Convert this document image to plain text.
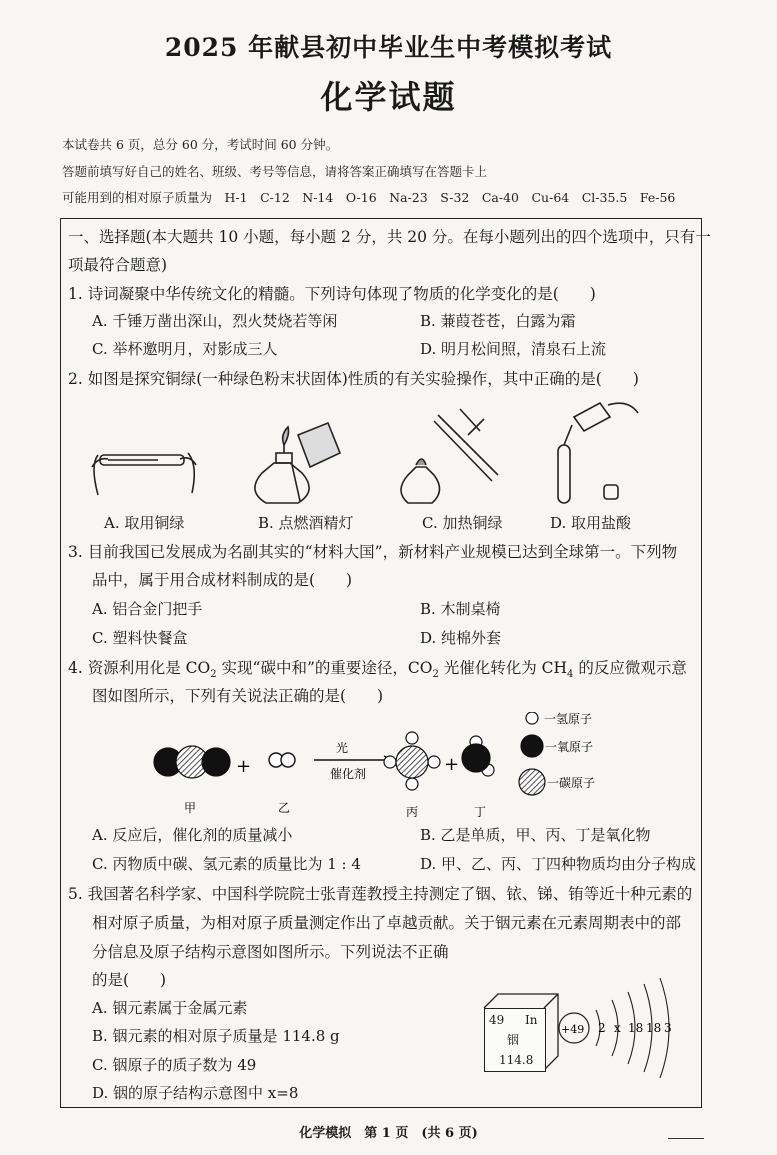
2025 年献县初中毕业生中考模拟考试
化学试题
本试卷共 6 页，总分 60 分，考试时间 60 分钟。
答题前填写好自己的姓名、班级、考号等信息，请将答案正确填写在答题卡上
可能用到的相对原子质量为　H-1　C-12　N-14　O-16　Na-23　S-32　Ca-40　Cu-64　Cl-35.5　Fe-56
一、选择题(本大题共 10 小题，每小题 2 分，共 20 分。在每小题列出的四个选项中，只有一
项最符合题意)
1. 诗词凝聚中华传统文化的精髓。下列诗句体现了物质的化学变化的是(　　)
A. 千锤万凿出深山，烈火焚烧若等闲	B. 蒹葭苍苍，白露为霜
C. 举杯邀明月，对影成三人	D. 明月松间照，清泉石上流
2. 如图是探究铜绿(一种绿色粉末状固体)性质的有关实验操作，其中正确的是(　　)
A. 取用铜绿	B. 点燃酒精灯	C. 加热铜绿	D. 取用盐酸
3. 目前我国已发展成为名副其实的“材料大国”，新材料产业规模已达到全球第一。下列物
品中，属于用合成材料制成的是(　　)
A. 铝合金门把手	B. 木制桌椅
C. 塑料快餐盒	D. 纯棉外套
4. 资源利用化是 $CO_2$ 实现“碳中和”的重要途径，$CO_2$ 光催化转化为 $CH_4$ 的反应微观示意
图如图所示，下列有关说法正确的是(　　)
+
光
催化剂	+
甲	乙	丙	丁
一氢原子
一氧原子
一碳原子
A. 反应后，催化剂的质量减小	B. 乙是单质，甲、丙、丁是氧化物
C. 丙物质中碳、氢元素的质量比为 1 : 4	D. 甲、乙、丙、丁四种物质均由分子构成
5. 我国著名科学家、中国科学院院士张青莲教授主持测定了铟、铱、锑、铕等近十种元素的
相对原子质量，为相对原子质量测定作出了卓越贡献。关于铟元素在元素周期表中的部
分信息及原子结构示意图如图所示。下列说法不正确
的是(　　)
A. 铟元素属于金属元素
B. 铟元素的相对原子质量是 114.8 g
C. 铟原子的质子数为 49
D. 铟的原子结构示意图中 x=8
49 In
铟
114.8
+49 2 x 18 18 3
化学模拟　第 1 页　(共 6 页)
